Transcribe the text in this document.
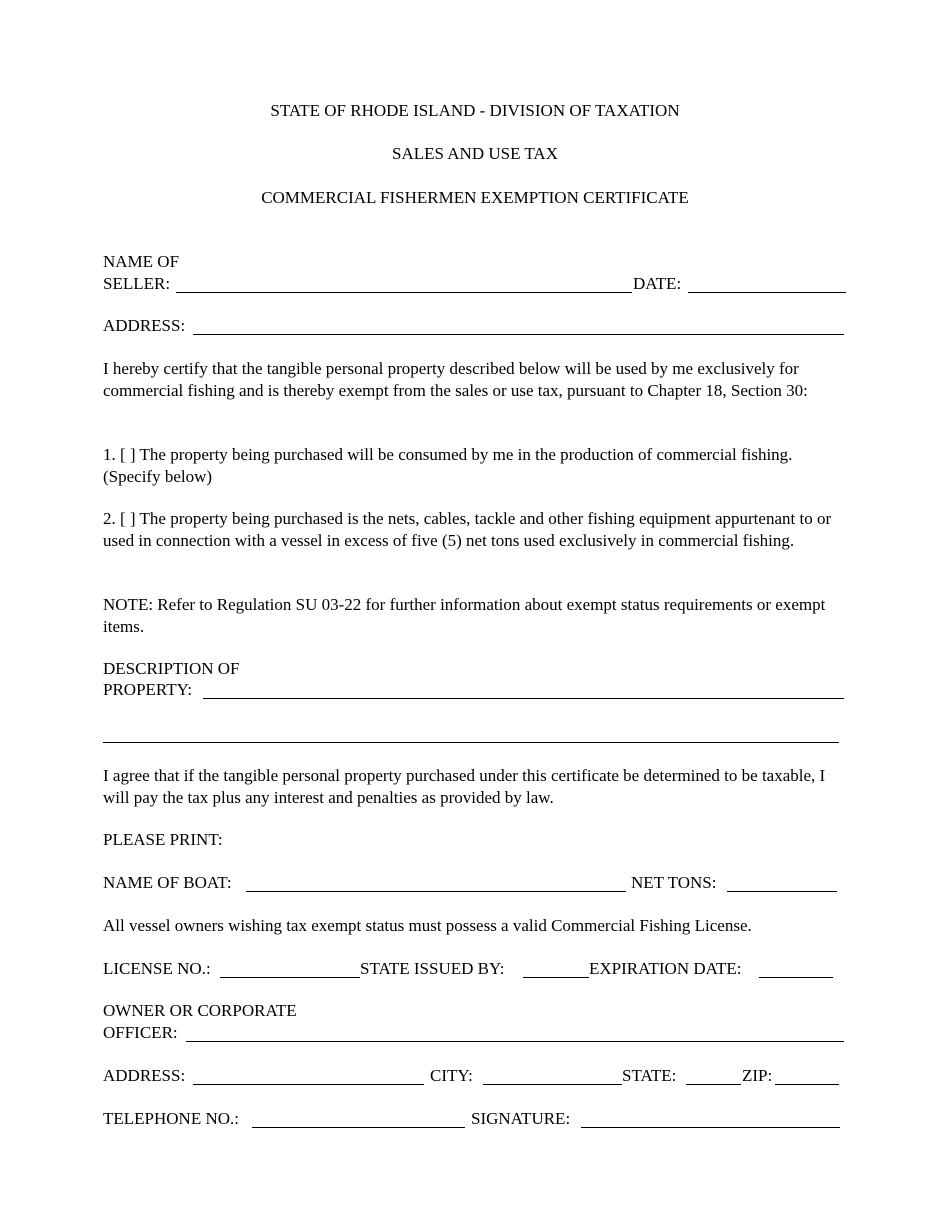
STATE OF RHODE ISLAND - DIVISION OF TAXATION
SALES AND USE TAX
COMMERCIAL FISHERMEN EXEMPTION CERTIFICATE
NAME OF
SELLER:	DATE:
ADDRESS:
I hereby certify that the tangible personal property described below will be used by me exclusively for commercial fishing and is thereby exempt from the sales or use tax, pursuant to Chapter 18, Section 30:
1. [ ] The property being purchased will be consumed by me in the production of commercial fishing. (Specify below)
2. [ ] The property being purchased is the nets, cables, tackle and other fishing equipment appurtenant to or used in connection with a vessel in excess of five (5) net tons used exclusively in commercial fishing.
NOTE: Refer to Regulation SU 03-22 for further information about exempt status requirements or exempt items.
DESCRIPTION OF
PROPERTY:
I agree that if the tangible personal property purchased under this certificate be determined to be taxable, I will pay the tax plus any interest and penalties as provided by law.
PLEASE PRINT:
NAME OF BOAT:	NET TONS:
All vessel owners wishing tax exempt status must possess a valid Commercial Fishing License.
LICENSE NO.:	STATE ISSUED BY:	EXPIRATION DATE:
OWNER OR CORPORATE
OFFICER:
ADDRESS:	CITY:	STATE:	ZIP:
TELEPHONE NO.:	SIGNATURE:
